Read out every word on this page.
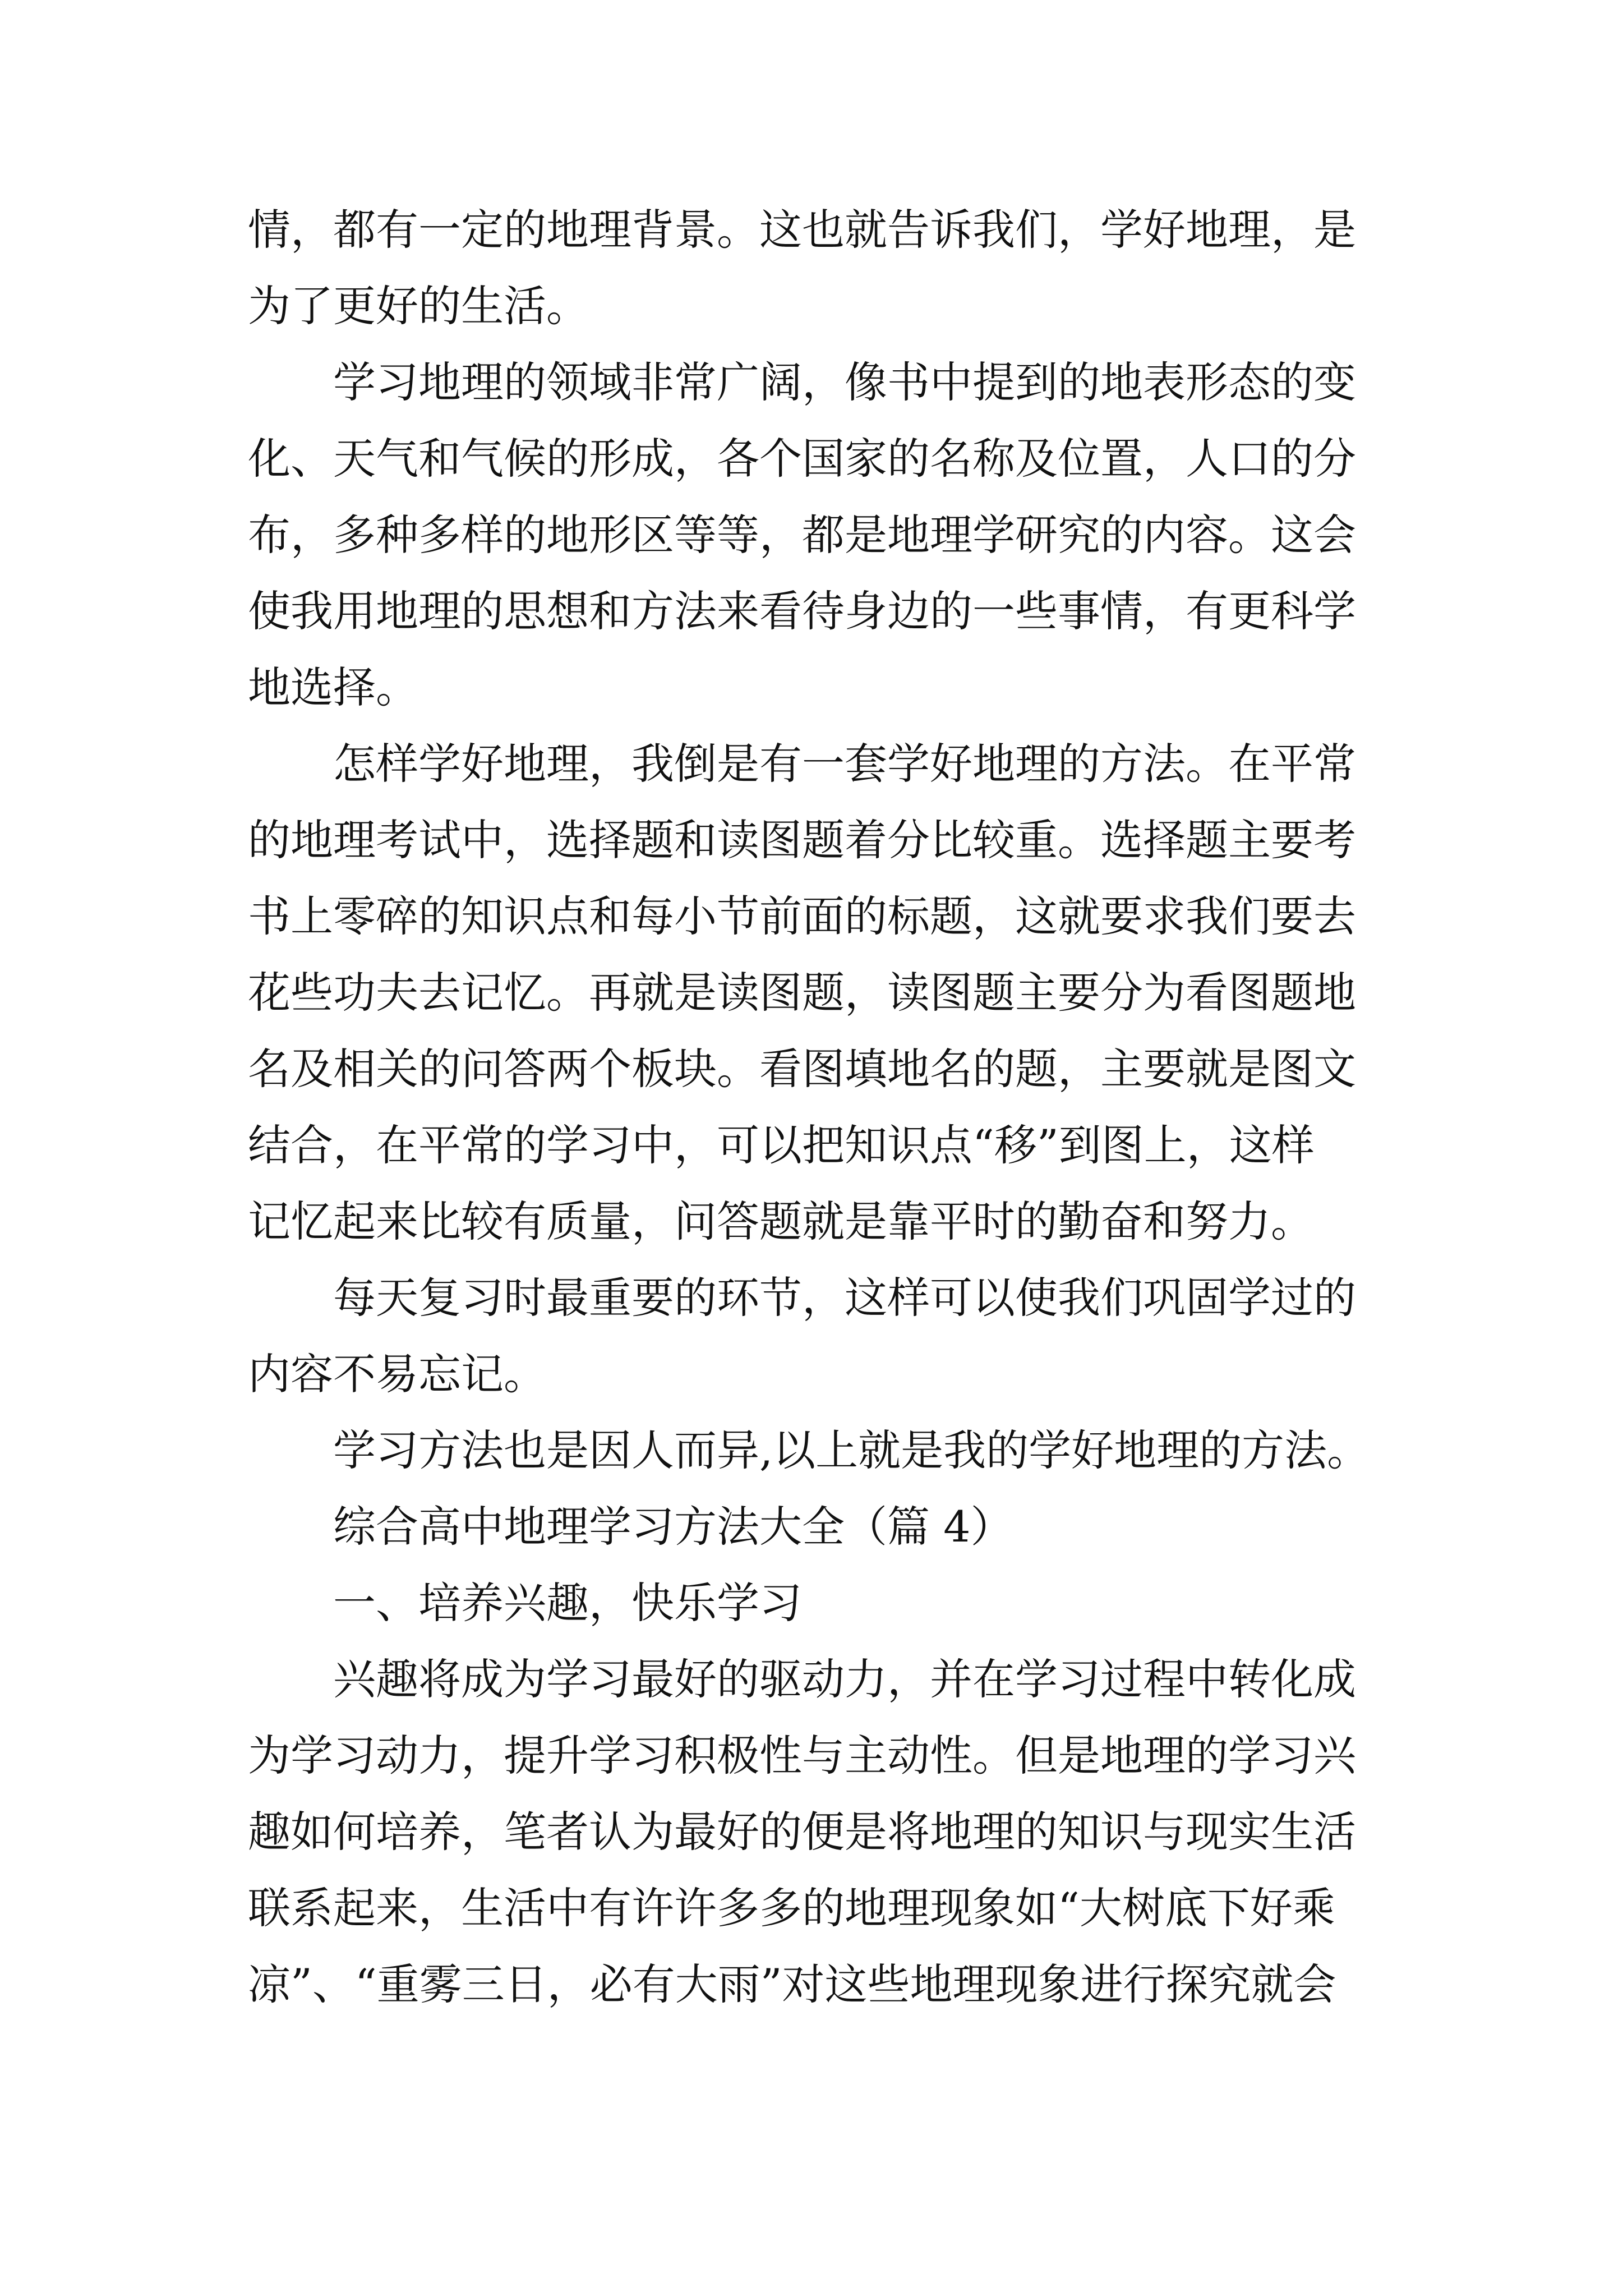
情，都有一定的地理背景。这也就告诉我们，学好地理，是
为了更好的生活。
学习地理的领域非常广阔，像书中提到的地表形态的变
化、天气和气候的形成，各个国家的名称及位置，人口的分
布，多种多样的地形区等等，都是地理学研究的内容。这会
使我用地理的思想和方法来看待身边的一些事情，有更科学
地选择。
怎样学好地理，我倒是有一套学好地理的方法。在平常
的地理考试中，选择题和读图题着分比较重。选择题主要考
书上零碎的知识点和每小节前面的标题，这就要求我们要去
花些功夫去记忆。再就是读图题，读图题主要分为看图题地
名及相关的问答两个板块。看图填地名的题，主要就是图文
结合，在平常的学习中，可以把知识点“移”到图上，这样
记忆起来比较有质量，问答题就是靠平时的勤奋和努力。
每天复习时最重要的环节，这样可以使我们巩固学过的
内容不易忘记。
学习方法也是因人而异,以上就是我的学好地理的方法。
综合高中地理学习方法大全（篇 4）
一、培养兴趣，快乐学习
兴趣将成为学习最好的驱动力，并在学习过程中转化成
为学习动力，提升学习积极性与主动性。但是地理的学习兴
趣如何培养，笔者认为最好的便是将地理的知识与现实生活
联系起来，生活中有许许多多的地理现象如“大树底下好乘
凉”、“重雾三日，必有大雨”对这些地理现象进行探究就会
